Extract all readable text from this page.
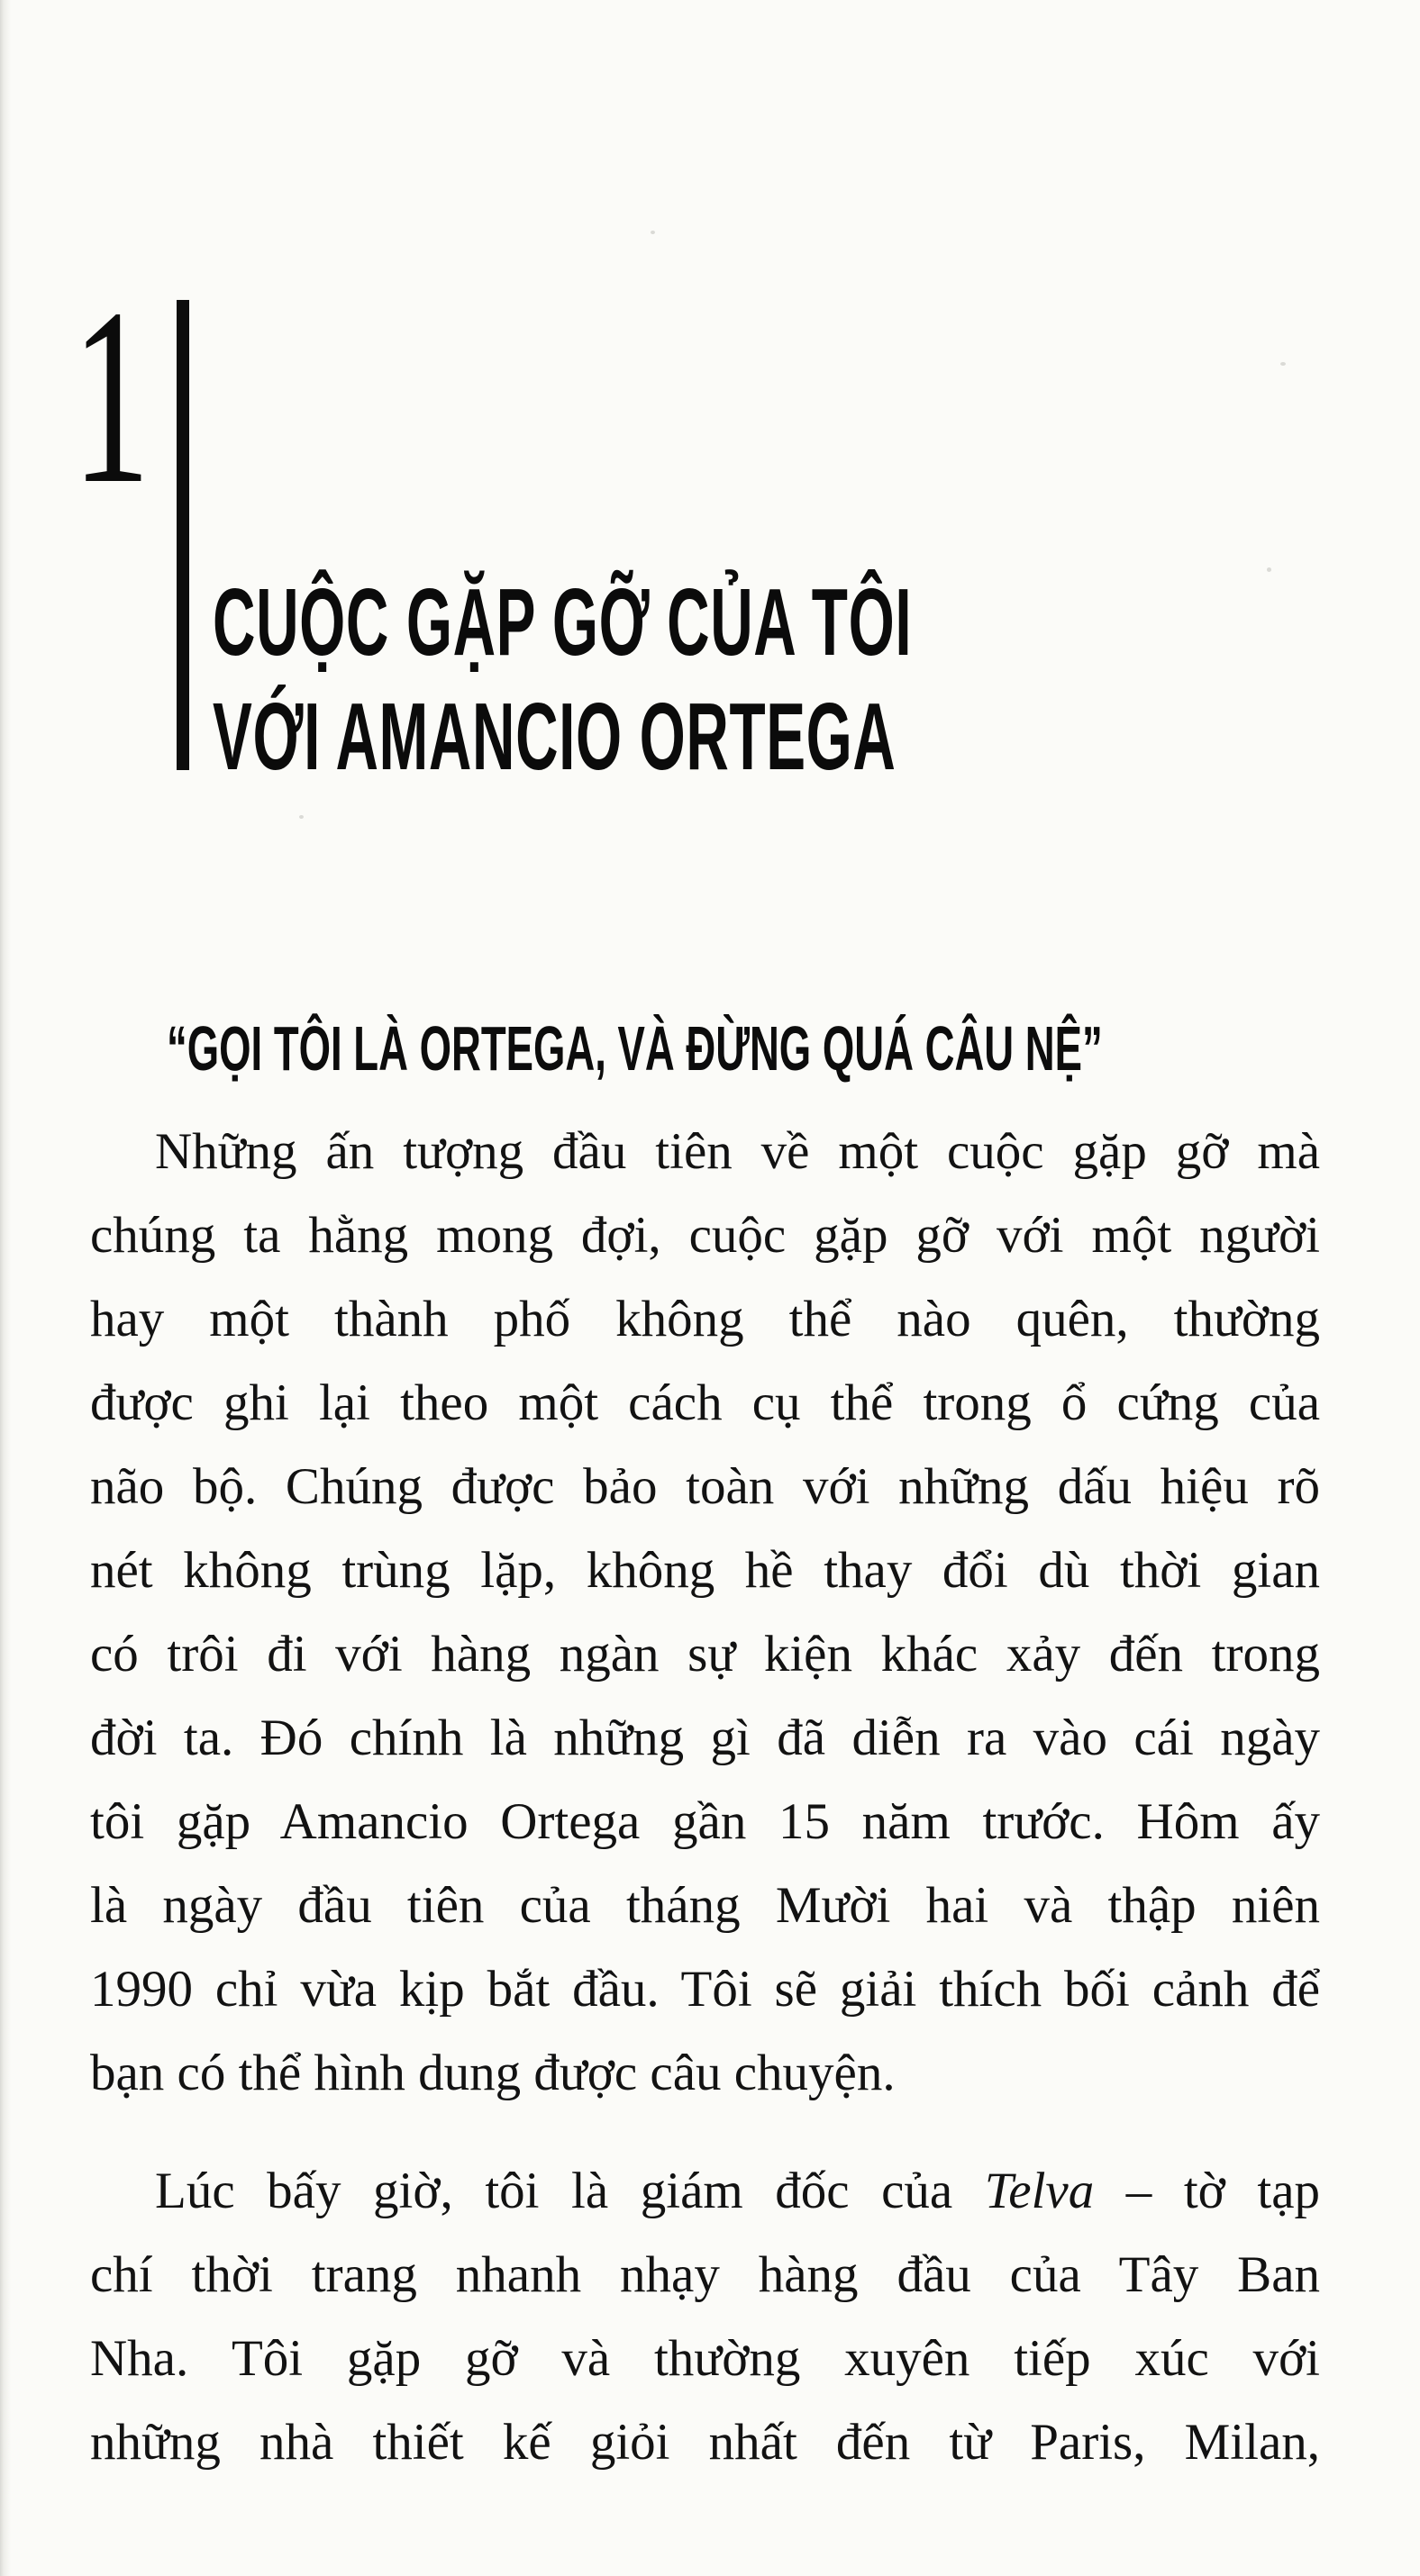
1
CUỘC GẶP GỠ CỦA TÔI
VỚI AMANCIO ORTEGA
“GỌI TÔI LÀ ORTEGA, VÀ ĐỪNG QUÁ CÂU NỆ”
Những ấn tượng đầu tiên về một cuộc gặp gỡ mà
chúng ta hằng mong đợi, cuộc gặp gỡ với một người
hay một thành phố không thể nào quên, thường
được ghi lại theo một cách cụ thể trong ổ cứng của
não bộ. Chúng được bảo toàn với những dấu hiệu rõ
nét không trùng lặp, không hề thay đổi dù thời gian
có trôi đi với hàng ngàn sự kiện khác xảy đến trong
đời ta. Đó chính là những gì đã diễn ra vào cái ngày
tôi gặp Amancio Ortega gần 15 năm trước. Hôm ấy
là ngày đầu tiên của tháng Mười hai và thập niên
1990 chỉ vừa kịp bắt đầu. Tôi sẽ giải thích bối cảnh để
bạn có thể hình dung được câu chuyện.
Lúc bấy giờ, tôi là giám đốc của Telva – tờ tạp
chí thời trang nhanh nhạy hàng đầu của Tây Ban
Nha. Tôi gặp gỡ và thường xuyên tiếp xúc với
những nhà thiết kế giỏi nhất đến từ Paris, Milan,
